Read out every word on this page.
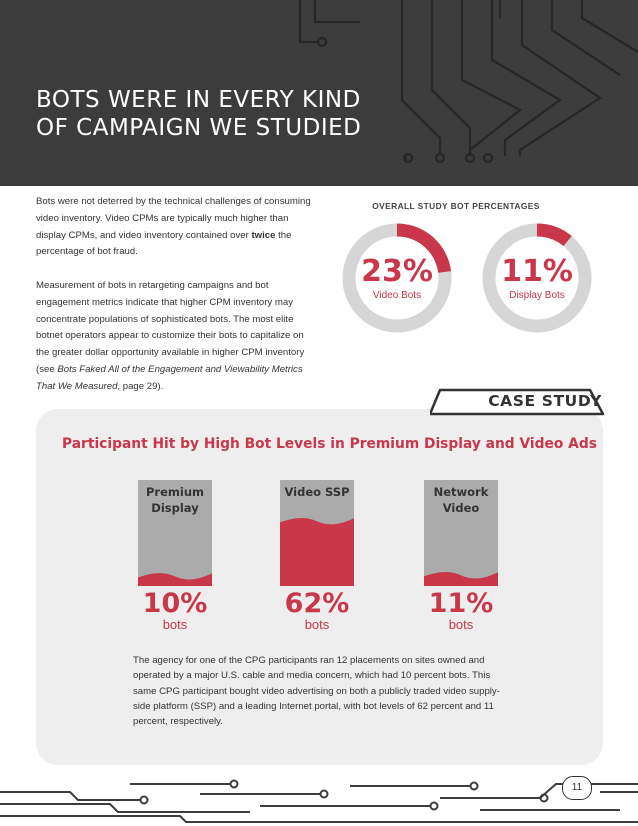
BOTS WERE IN EVERY KIND
OF CAMPAIGN WE STUDIED

Bots were not deterred by the technical challenges of consuming video inventory. Video CPMs are typically much higher than display CPMs, and video inventory contained over twice the percentage of bot fraud.

Measurement of bots in retargeting campaigns and bot engagement metrics indicate that higher CPM inventory may concentrate populations of sophisticated bots. The most elite botnet operators appear to customize their bots to capitalize on the greater dollar opportunity available in higher CPM inventory (see Bots Faked All of the Engagement and Viewability Metrics That We Measured, page 29).

OVERALL STUDY BOT PERCENTAGES
23%
Video Bots
11%
Display Bots
CASE STUDY
Participant Hit by High Bot Levels in Premium Display and Video Ads
Premium
Display
10%
bots
Video SSP

62%
bots
Network
Video
11%
bots
The agency for one of the CPG participants ran 12 placements on sites owned and operated by a major U.S. cable and media concern, which had 10 percent bots. This same CPG participant bought video advertising on both a publicly traded video supply-side platform (SSP) and a leading Internet portal, with bot levels of 62 percent and 11 percent, respectively.
11
